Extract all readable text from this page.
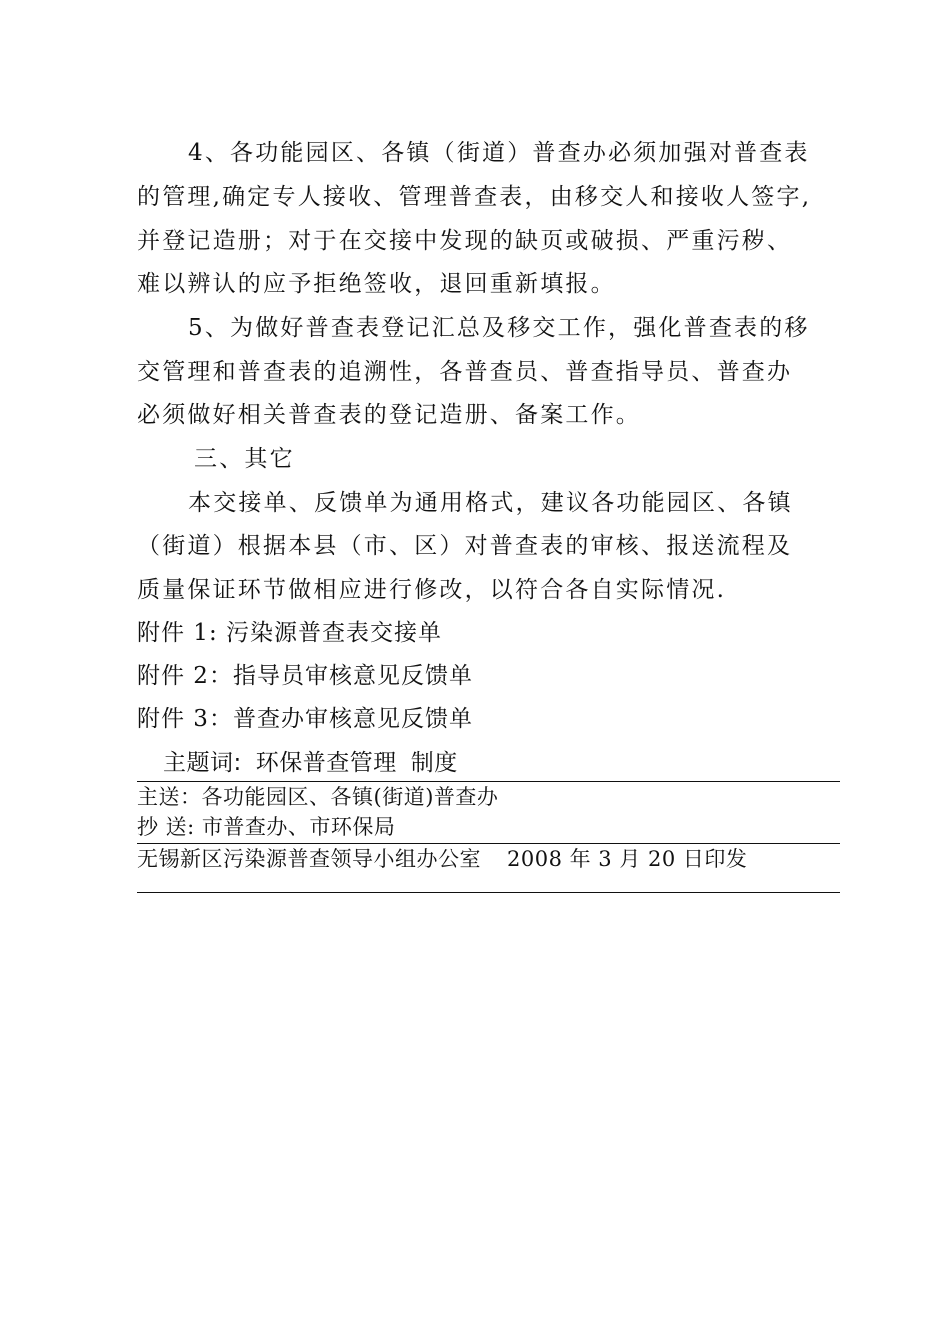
4、各功能园区、各镇（街道）普查办必须加强对普查表
的管理,确定专人接收、管理普查表，由移交人和接收人签字,
并登记造册；对于在交接中发现的缺页或破损、严重污秽、
难以辨认的应予拒绝签收，退回重新填报。
5、为做好普查表登记汇总及移交工作，强化普查表的移
交管理和普查表的追溯性，各普查员、普查指导员、普查办
必须做好相关普查表的登记造册、备案工作。
三、其它
本交接单、反馈单为通用格式，建议各功能园区、各镇
（街道）根据本县（市、区）对普查表的审核、报送流程及
质量保证环节做相应进行修改，以符合各自实际情况.
附件 1: 污染源普查表交接单
附件 2：指导员审核意见反馈单
附件 3：普查办审核意见反馈单
主题词: 环保普查管理 制度
主送：各功能园区、各镇(街道)普查办
抄 送: 市普查办、市环保局
无锡新区污染源普查领导小组办公室 2008 年 3 月 20 日印发
